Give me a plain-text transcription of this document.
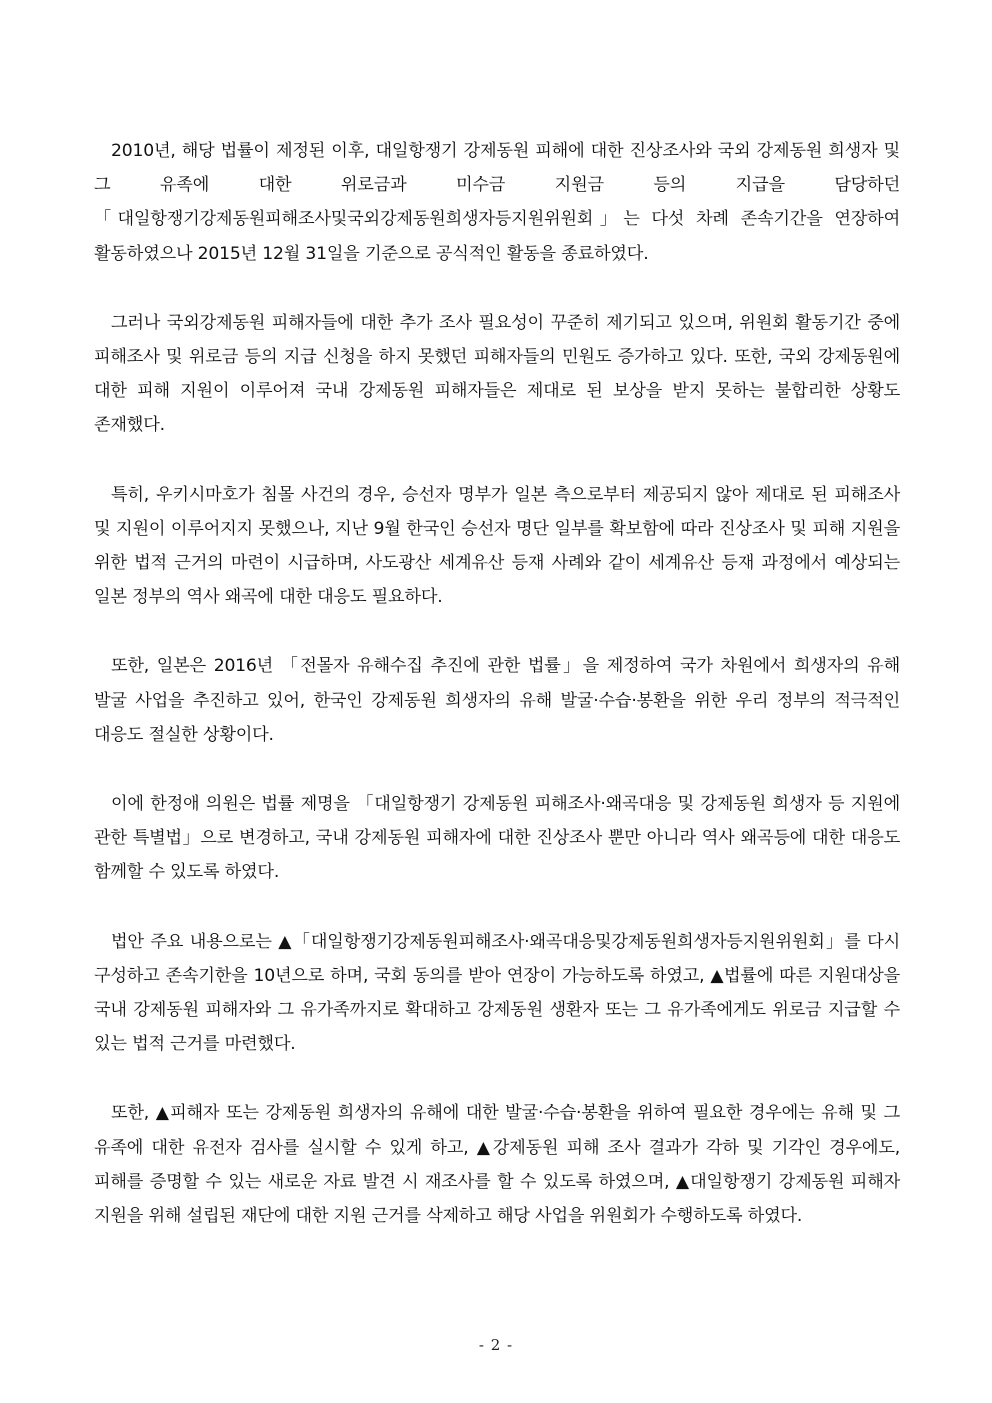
2010년, 해당 법률이 제정된 이후, 대일항쟁기 강제동원 피해에 대한 진상조사와 국외 강제동원 희생자 및 그 유족에 대한 위로금과 미수금 지원금 등의 지급을 담당하던 「대일항쟁기강제동원피해조사및국외강제동원희생자등지원위원회」는 다섯 차례 존속기간을 연장하여 활동하였으나 2015년 12월 31일을 기준으로 공식적인 활동을 종료하였다.

그러나 국외강제동원 피해자들에 대한 추가 조사 필요성이 꾸준히 제기되고 있으며, 위원회 활동기간 중에 피해조사 및 위로금 등의 지급 신청을 하지 못했던 피해자들의 민원도 증가하고 있다. 또한, 국외 강제동원에 대한 피해 지원이 이루어져 국내 강제동원 피해자들은 제대로 된 보상을 받지 못하는 불합리한 상황도 존재했다.

특히, 우키시마호가 침몰 사건의 경우, 승선자 명부가 일본 측으로부터 제공되지 않아 제대로 된 피해조사 및 지원이 이루어지지 못했으나, 지난 9월 한국인 승선자 명단 일부를 확보함에 따라 진상조사 및 피해 지원을 위한 법적 근거의 마련이 시급하며, 사도광산 세계유산 등재 사례와 같이 세계유산 등재 과정에서 예상되는 일본 정부의 역사 왜곡에 대한 대응도 필요하다.

또한, 일본은 2016년 「전몰자 유해수집 추진에 관한 법률」을 제정하여 국가 차원에서 희생자의 유해 발굴 사업을 추진하고 있어, 한국인 강제동원 희생자의 유해 발굴·수습·봉환을 위한 우리 정부의 적극적인 대응도 절실한 상황이다.

이에 한정애 의원은 법률 제명을 「대일항쟁기 강제동원 피해조사·왜곡대응 및 강제동원 희생자 등 지원에 관한 특별법」으로 변경하고, 국내 강제동원 피해자에 대한 진상조사 뿐만 아니라 역사 왜곡등에 대한 대응도 함께할 수 있도록 하였다.

법안 주요 내용으로는 ▲「대일항쟁기강제동원피해조사·왜곡대응및강제동원희생자등지원위원회」를 다시 구성하고 존속기한을 10년으로 하며, 국회 동의를 받아 연장이 가능하도록 하였고, ▲법률에 따른 지원대상을 국내 강제동원 피해자와 그 유가족까지로 확대하고 강제동원 생환자 또는 그 유가족에게도 위로금 지급할 수 있는 법적 근거를 마련했다.

또한, ▲피해자 또는 강제동원 희생자의 유해에 대한 발굴·수습·봉환을 위하여 필요한 경우에는 유해 및 그 유족에 대한 유전자 검사를 실시할 수 있게 하고, ▲강제동원 피해 조사 결과가 각하 및 기각인 경우에도, 피해를 증명할 수 있는 새로운 자료 발견 시 재조사를 할 수 있도록 하였으며, ▲대일항쟁기 강제동원 피해자 지원을 위해 설립된 재단에 대한 지원 근거를 삭제하고 해당 사업을 위원회가 수행하도록 하였다.

- 2 -
